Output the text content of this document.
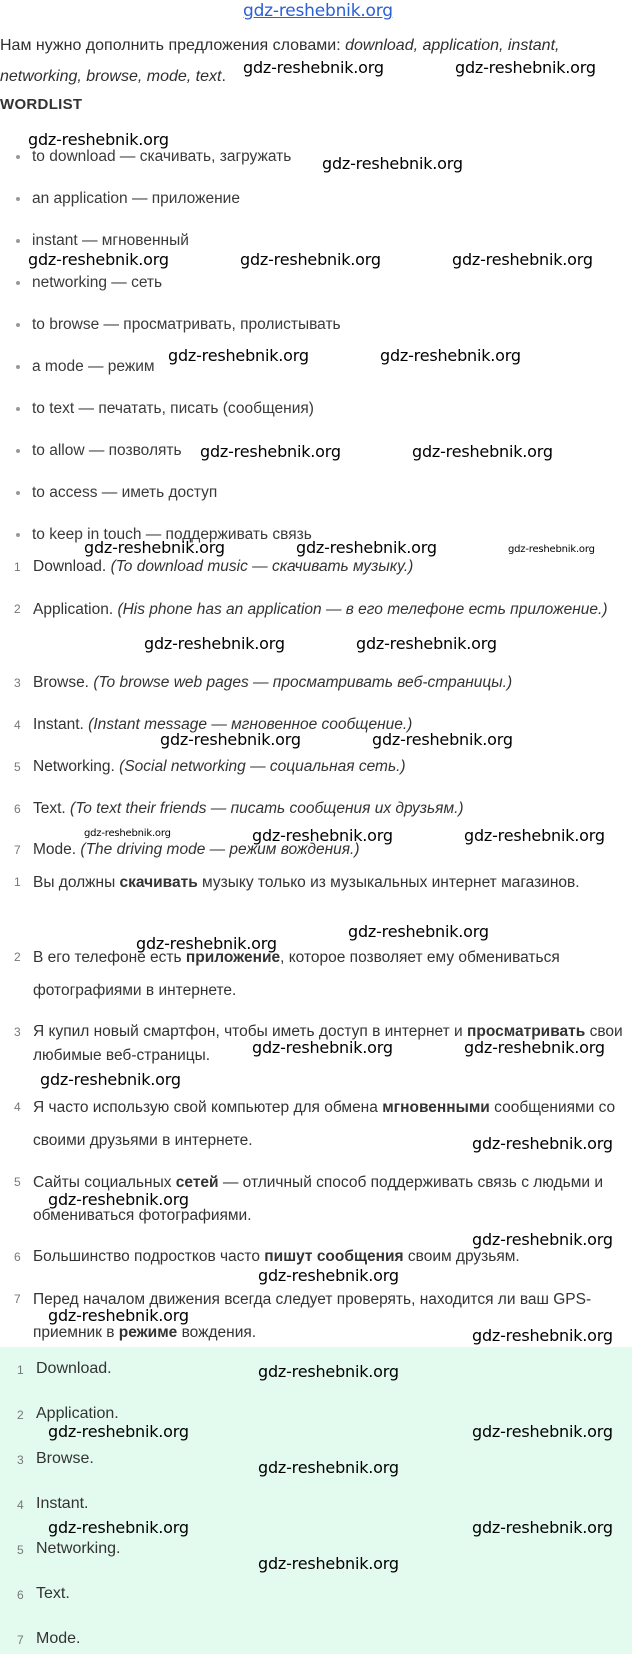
gdz-reshebnik.org
Нам нужно дополнить предложения словами: download, application, instant, networking, browse, mode, text.
WORDLIST
to download — скачивать, загружать
an application — приложение
instant — мгновенный
networking — сеть
to browse — просматривать, пролистывать
a mode — режим
to text — печатать, писать (сообщения)
to allow — позволять
to access — иметь доступ
to keep in touch — поддерживать связь
1 Download. (To download music — скачивать музыку.)
2 Application. (His phone has an application — в его телефоне есть приложение.)
3 Browse. (To browse web pages — просматривать веб-страницы.)
4 Instant. (Instant message — мгновенное сообщение.)
5 Networking. (Social networking — социальная сеть.)
6 Text. (To text their friends — писать сообщения их друзьям.)
7 Mode. (The driving mode — режим вождения.)
1 Вы должны скачивать музыку только из музыкальных интернет магазинов.
2 В его телефоне есть приложение, которое позволяет ему обмениваться фотографиями в интернете.
3 Я купил новый смартфон, чтобы иметь доступ в интернет и просматривать свои любимые веб-страницы.
4 Я часто использую свой компьютер для обмена мгновенными сообщениями со своими друзьями в интернете.
5 Сайты социальных сетей — отличный способ поддерживать связь с людьми и обмениваться фотографиями.
6 Большинство подростков часто пишут сообщения своим друзьям.
7 Перед началом движения всегда следует проверять, находится ли ваш GPS-приемник в режиме вождения.
1 Download.
2 Application.
3 Browse.
4 Instant.
5 Networking.
6 Text.
7 Mode.
gdz-reshebnik.org	gdz-reshebnik.org
gdz-reshebnik.org
gdz-reshebnik.org
gdz-reshebnik.org	gdz-reshebnik.org	gdz-reshebnik.org
gdz-reshebnik.org	gdz-reshebnik.org
gdz-reshebnik.org	gdz-reshebnik.org
gdz-reshebnik.org	gdz-reshebnik.org	gdz-reshebnik.org
gdz-reshebnik.org	gdz-reshebnik.org
gdz-reshebnik.org	gdz-reshebnik.org
gdz-reshebnik.org	gdz-reshebnik.org	gdz-reshebnik.org
gdz-reshebnik.org
gdz-reshebnik.org
gdz-reshebnik.org	gdz-reshebnik.org
gdz-reshebnik.org
gdz-reshebnik.org
gdz-reshebnik.org
gdz-reshebnik.org
gdz-reshebnik.org
gdz-reshebnik.org
gdz-reshebnik.org
gdz-reshebnik.org
gdz-reshebnik.org	gdz-reshebnik.org
gdz-reshebnik.org
gdz-reshebnik.org	gdz-reshebnik.org
gdz-reshebnik.org
